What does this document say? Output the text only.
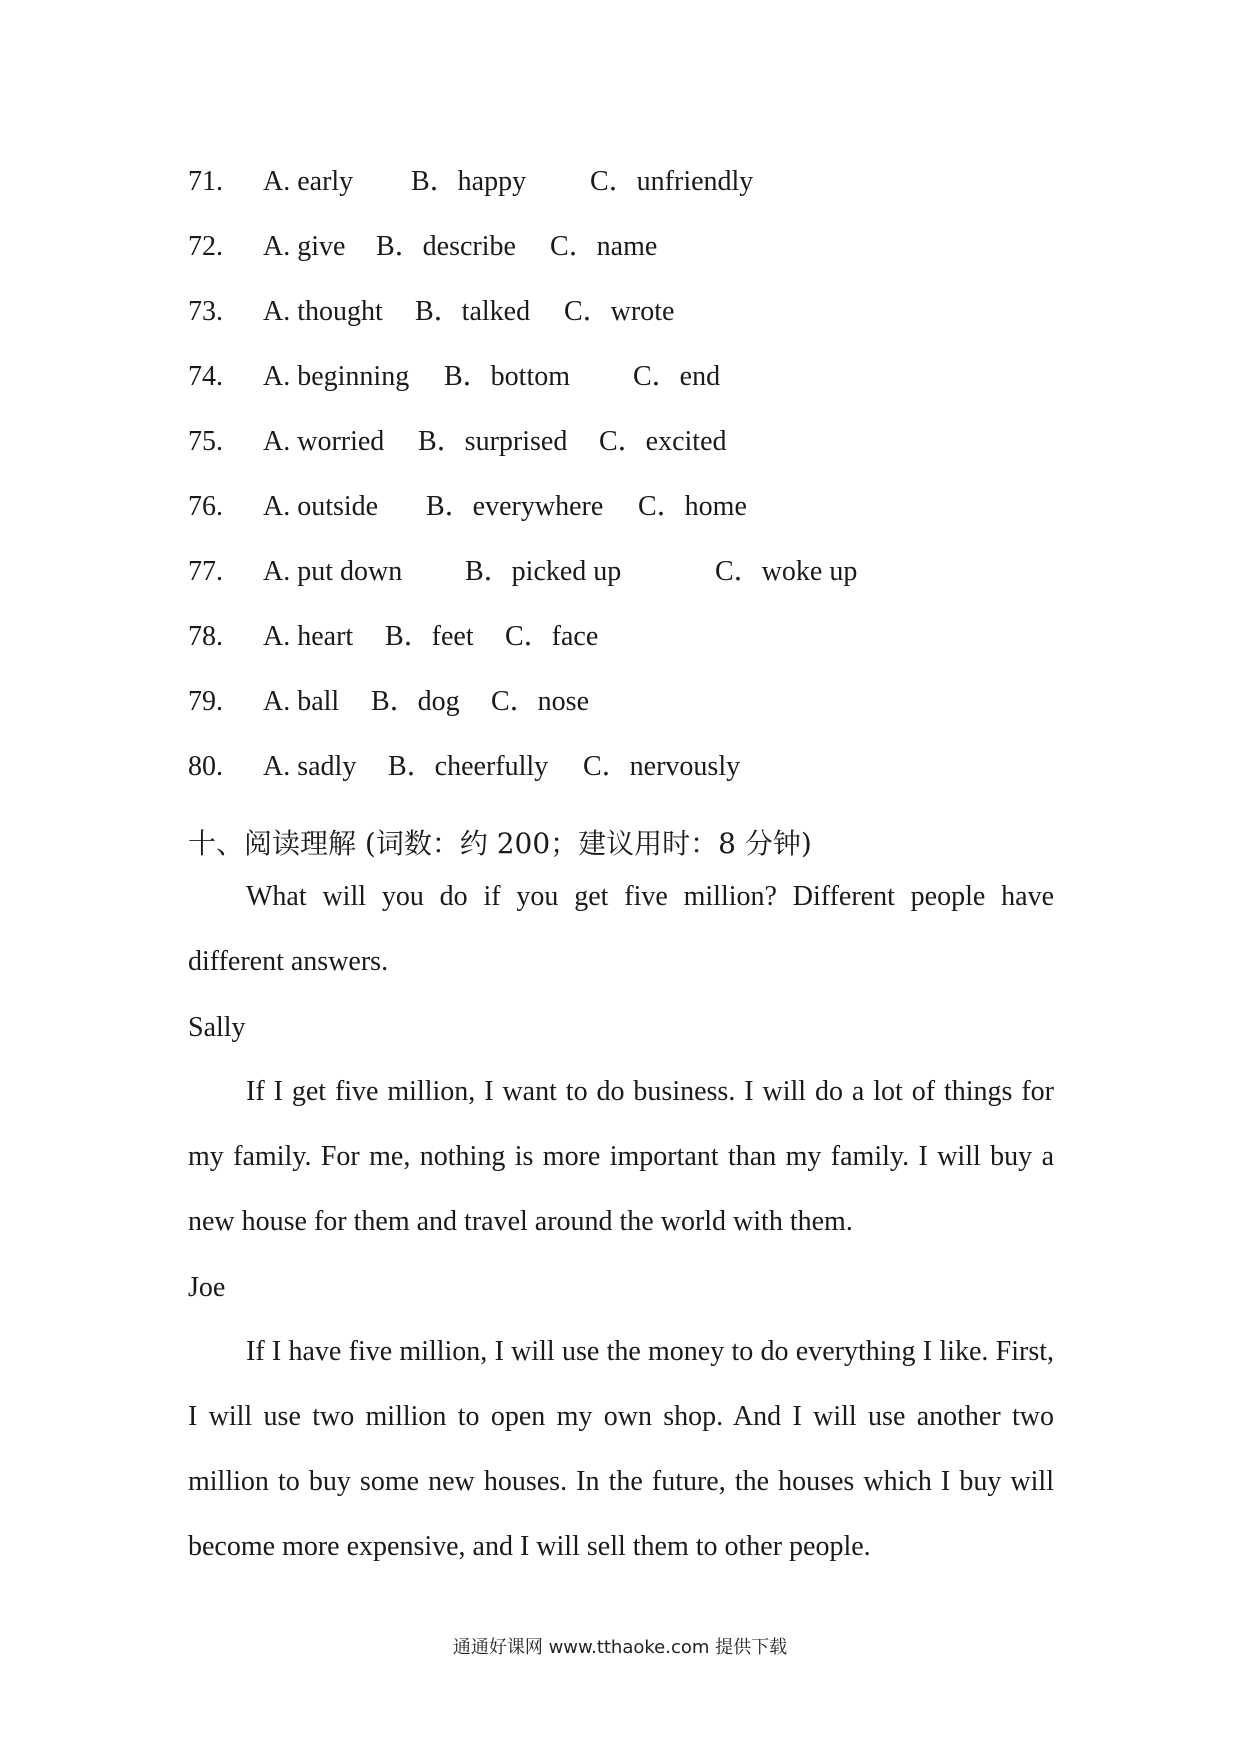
71. A. early B．happy C．unfriendly
72. A. give B．describe C．name
73. A. thought B．talked C．wrote
74. A. beginning B．bottom C．end
75. A. worried B．surprised C．excited
76. A. outside B．everywhere C．home
77. A. put down B．picked up	C．woke up
78. A. heart B．feet C．face
79. A. ball B．dog C．nose
80. A. sadly B．cheerfully C．nervously
十、阅读理解 (词数：约 200；建议用时：8 分钟)
What will you do if you get five million? Different people have different answers.
Sally
If I get five million, I want to do business. I will do a lot of things for my family. For me, nothing is more important than my family. I will buy a new house for them and travel around the world with them.
Joe
If I have five million, I will use the money to do everything I like. First, I will use two million to open my own shop. And I will use another two million to buy some new houses. In the future, the houses which I buy will become more expensive, and I will sell them to other people.
通通好课网 www.tthaoke.com 提供下载
